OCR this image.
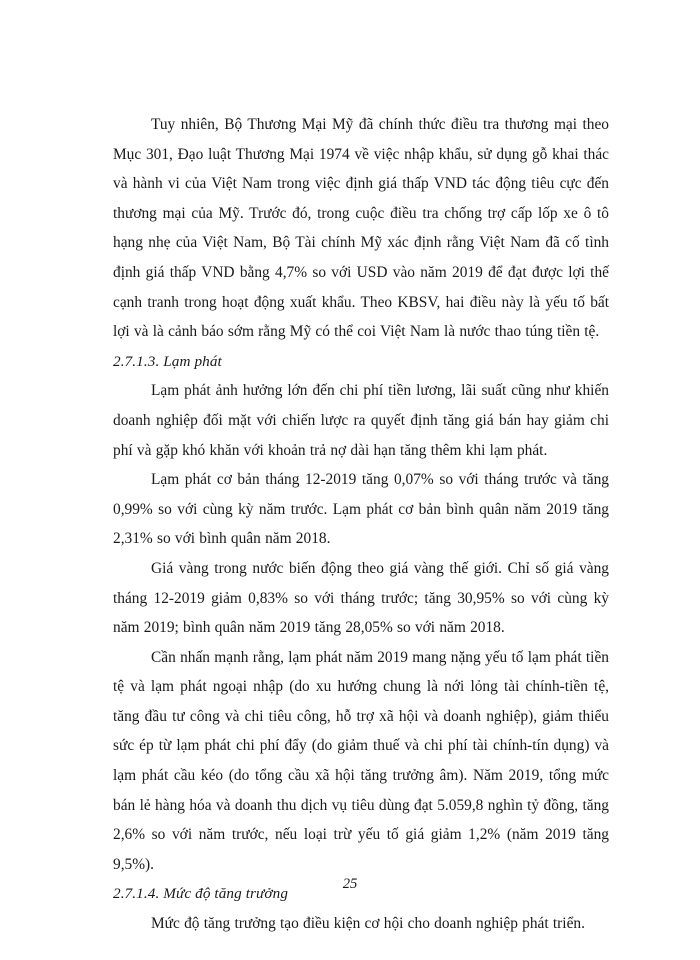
Tuy nhiên, Bộ Thương Mại Mỹ đã chính thức điều tra thương mại theo Mục 301, Đạo luật Thương Mại 1974 về việc nhập khẩu, sử dụng gỗ khai thác và hành vi của Việt Nam trong việc định giá thấp VND tác động tiêu cực đến thương mại của Mỹ. Trước đó, trong cuộc điều tra chống trợ cấp lốp xe ô tô hạng nhẹ của Việt Nam, Bộ Tài chính Mỹ xác định rằng Việt Nam đã cố tình định giá thấp VND bằng 4,7% so với USD vào năm 2019 để đạt được lợi thế cạnh tranh trong hoạt động xuất khẩu. Theo KBSV, hai điều này là yếu tố bất lợi và là cảnh báo sớm rằng Mỹ có thể coi Việt Nam là nước thao túng tiền tệ.

2.7.1.3. Lạm phát

Lạm phát ảnh hưởng lớn đến chi phí tiền lương, lãi suất cũng như khiến doanh nghiệp đối mặt với chiến lược ra quyết định tăng giá bán hay giảm chi phí và gặp khó khăn với khoản trả nợ dài hạn tăng thêm khi lạm phát.

Lạm phát cơ bản tháng 12-2019 tăng 0,07% so với tháng trước và tăng 0,99% so với cùng kỳ năm trước. Lạm phát cơ bản bình quân năm 2019 tăng 2,31% so với bình quân năm 2018.

Giá vàng trong nước biến động theo giá vàng thế giới. Chỉ số giá vàng tháng 12-2019 giảm 0,83% so với tháng trước; tăng 30,95% so với cùng kỳ năm 2019; bình quân năm 2019 tăng 28,05% so với năm 2018.

Cần nhấn mạnh rằng, lạm phát năm 2019 mang nặng yếu tố lạm phát tiền tệ và lạm phát ngoại nhập (do xu hướng chung là nới lỏng tài chính-tiền tệ, tăng đầu tư công và chi tiêu công, hỗ trợ xã hội và doanh nghiệp), giảm thiểu sức ép từ lạm phát chi phí đẩy (do giảm thuế và chi phí tài chính-tín dụng) và lạm phát cầu kéo (do tổng cầu xã hội tăng trưởng âm). Năm 2019, tổng mức bán lẻ hàng hóa và doanh thu dịch vụ tiêu dùng đạt 5.059,8 nghìn tỷ đồng, tăng 2,6% so với năm trước, nếu loại trừ yếu tố giá giảm 1,2% (năm 2019 tăng 9,5%).

2.7.1.4. Mức độ tăng trưởng

Mức độ tăng trưởng tạo điều kiện cơ hội cho doanh nghiệp phát triển.

25
